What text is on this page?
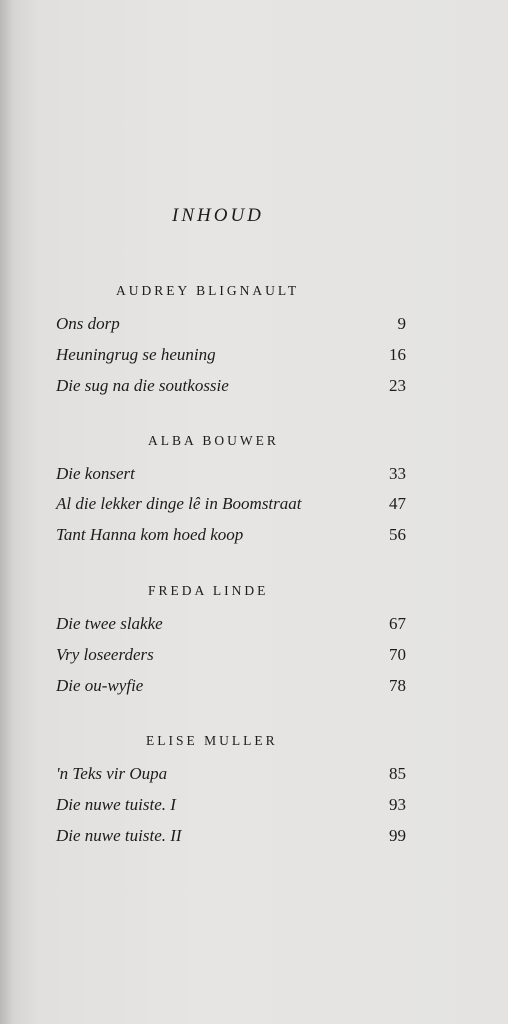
INHOUD
AUDREY BLIGNAULT
Ons dorp	9
Heuningrug se heuning	16
Die sug na die soutkossie	23
ALBA BOUWER
Die konsert	33
Al die lekker dinge lê in Boomstraat	47
Tant Hanna kom hoed koop	56
FREDA LINDE
Die twee slakke	67
Vry loseerders	70
Die ou-wyfie	78
ELISE MULLER
'n Teks vir Oupa	85
Die nuwe tuiste. I	93
Die nuwe tuiste. II	99
